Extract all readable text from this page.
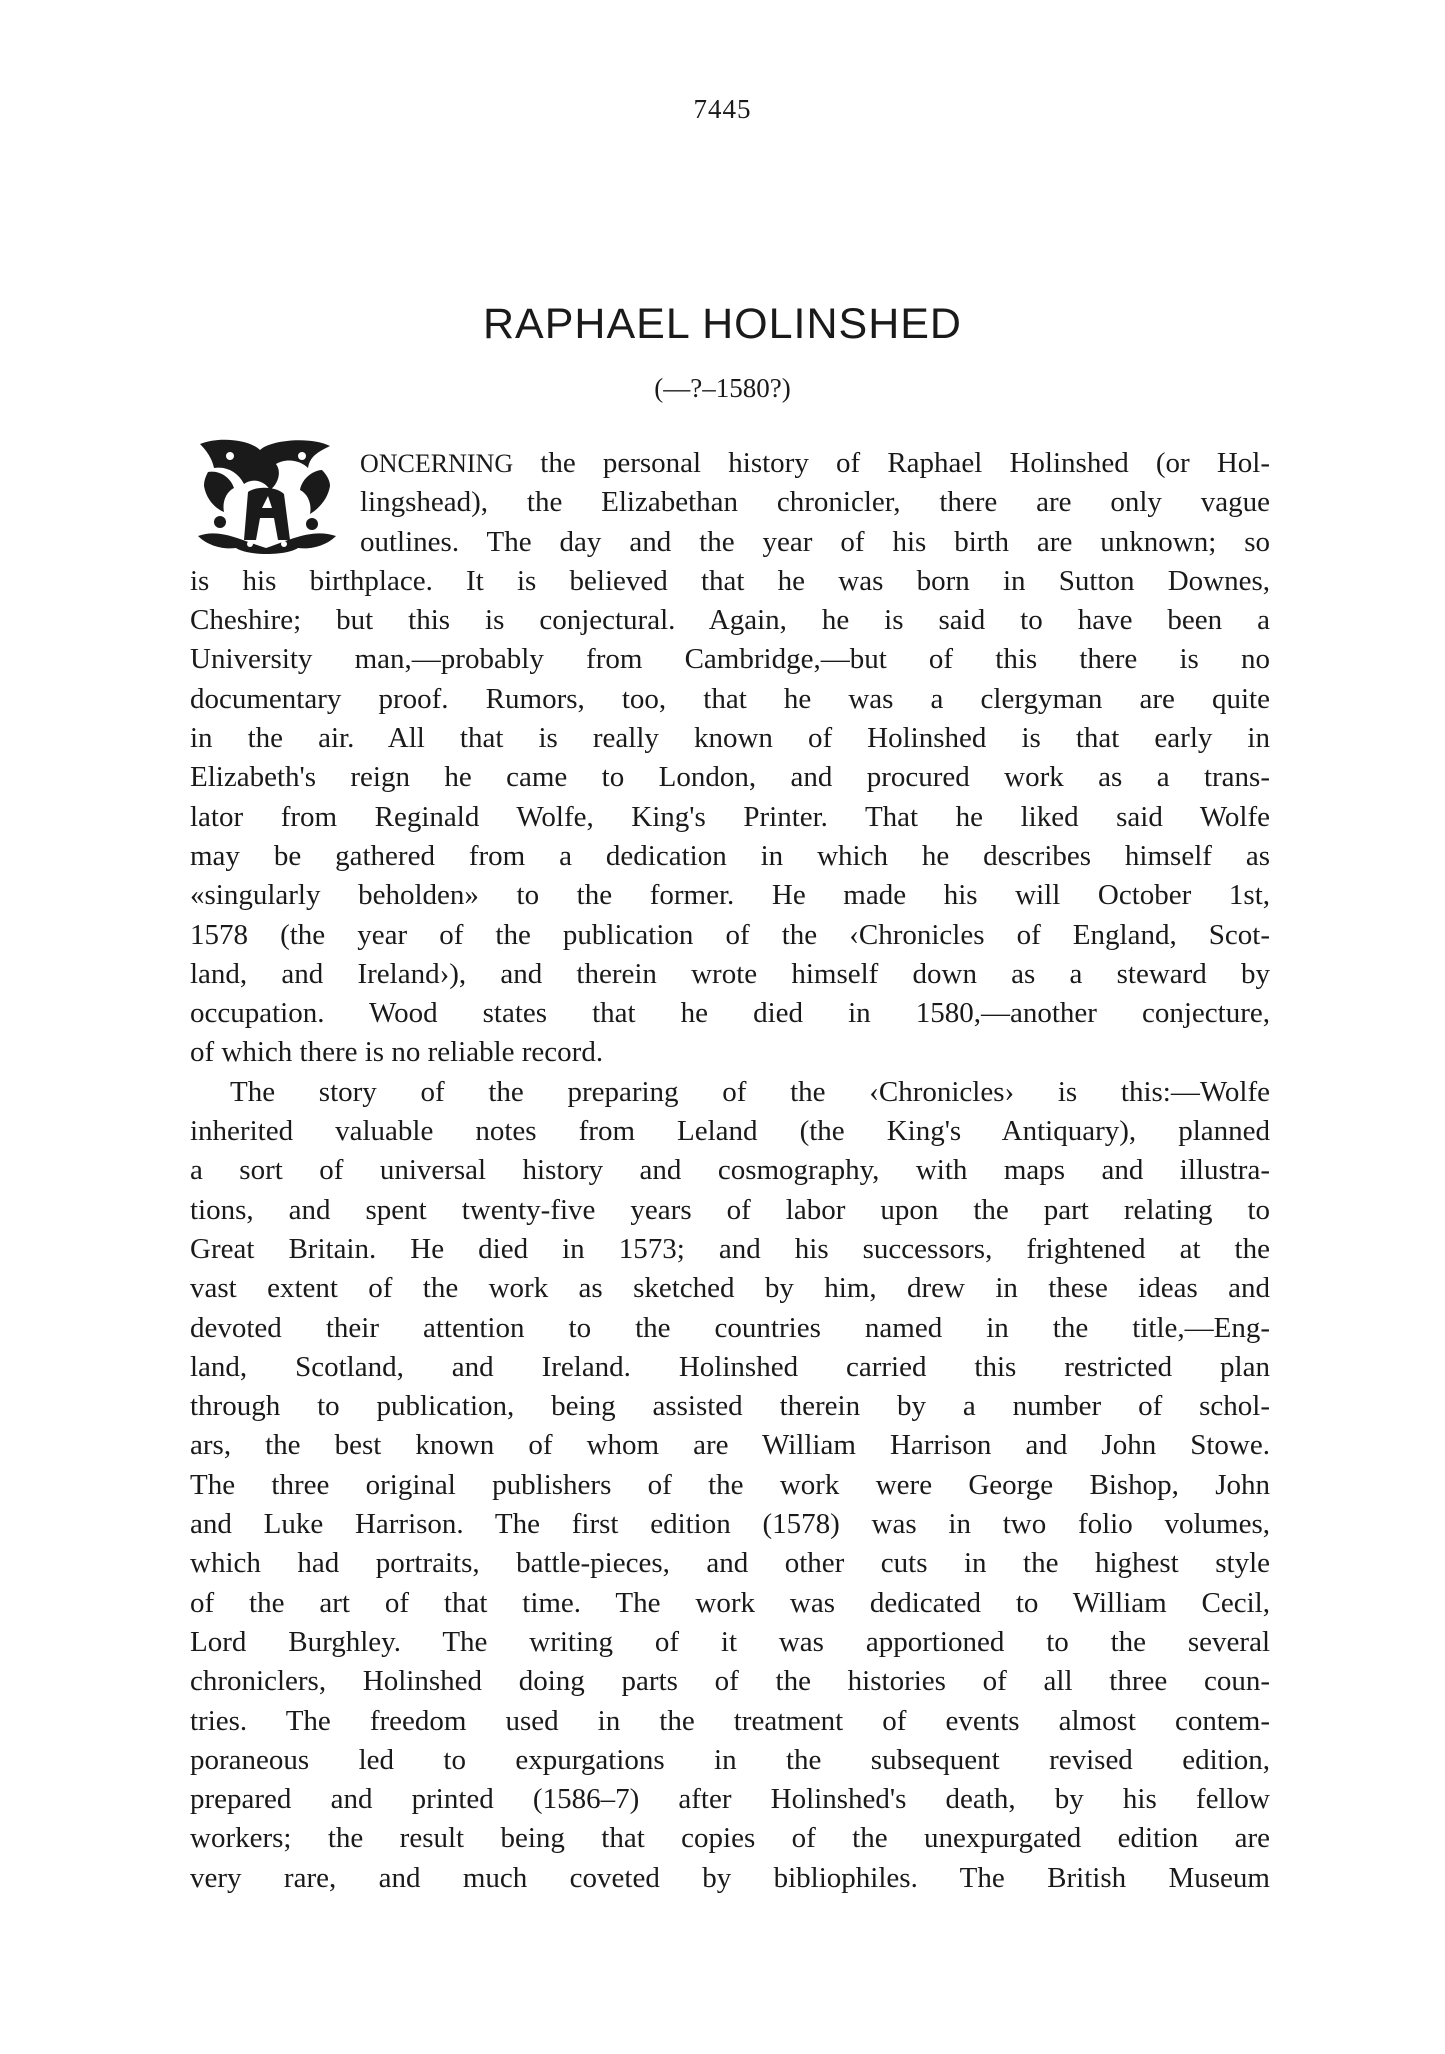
7445
RAPHAEL HOLINSHED
(—?–1580?)
ONCERNING the personal history of Raphael Holinshed (or Hol-
lingshead), the Elizabethan chronicler, there are only vague
outlines. The day and the year of his birth are unknown; so
is his birthplace. It is believed that he was born in Sutton Downes,
Cheshire; but this is conjectural. Again, he is said to have been a
University man,—probably from Cambridge,—but of this there is no
documentary proof. Rumors, too, that he was a clergyman are quite
in the air. All that is really known of Holinshed is that early in
Elizabeth's reign he came to London, and procured work as a trans-
lator from Reginald Wolfe, King's Printer. That he liked said Wolfe
may be gathered from a dedication in which he describes himself as
«singularly beholden» to the former. He made his will October 1st,
1578 (the year of the publication of the ‹Chronicles of England, Scot-
land, and Ireland›), and therein wrote himself down as a steward by
occupation. Wood states that he died in 1580,—another conjecture,
of which there is no reliable record.
The story of the preparing of the ‹Chronicles› is this:—Wolfe
inherited valuable notes from Leland (the King's Antiquary), planned
a sort of universal history and cosmography, with maps and illustra-
tions, and spent twenty-five years of labor upon the part relating to
Great Britain. He died in 1573; and his successors, frightened at the
vast extent of the work as sketched by him, drew in these ideas and
devoted their attention to the countries named in the title,—Eng-
land, Scotland, and Ireland. Holinshed carried this restricted plan
through to publication, being assisted therein by a number of schol-
ars, the best known of whom are William Harrison and John Stowe.
The three original publishers of the work were George Bishop, John
and Luke Harrison. The first edition (1578) was in two folio volumes,
which had portraits, battle-pieces, and other cuts in the highest style
of the art of that time. The work was dedicated to William Cecil,
Lord Burghley. The writing of it was apportioned to the several
chroniclers, Holinshed doing parts of the histories of all three coun-
tries. The freedom used in the treatment of events almost contem-
poraneous led to expurgations in the subsequent revised edition,
prepared and printed (1586–7) after Holinshed's death, by his fellow
workers; the result being that copies of the unexpurgated edition are
very rare, and much coveted by bibliophiles. The British Museum
